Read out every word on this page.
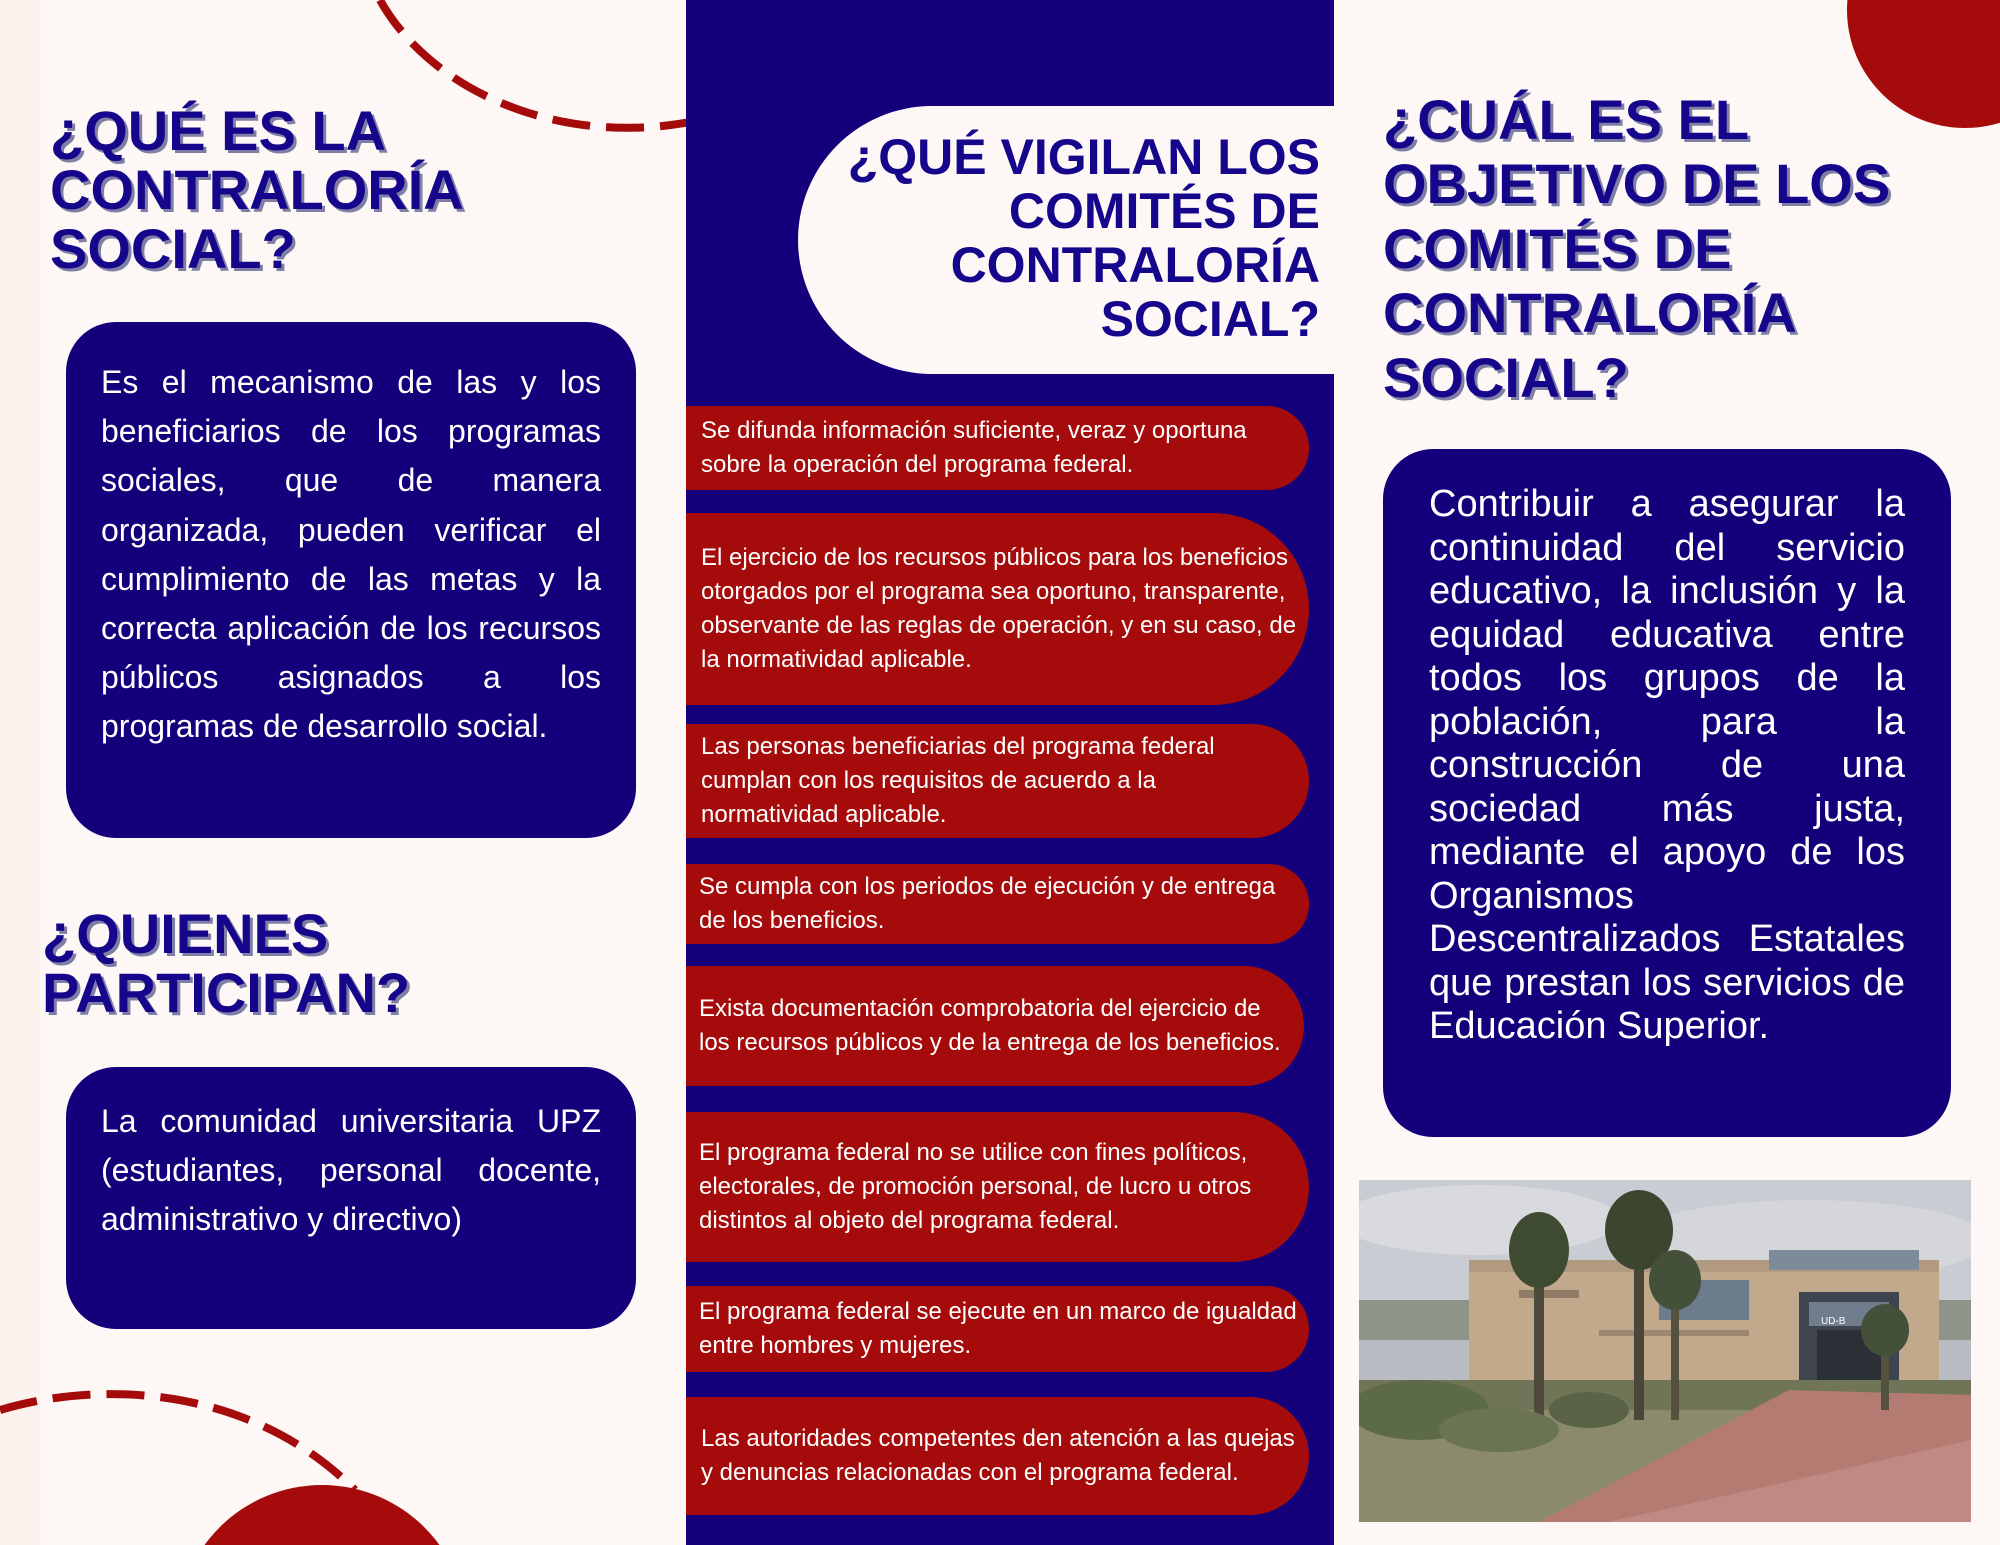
¿QUÉ ES LA CONTRALORÍA SOCIAL?
Es el mecanismo de las y los beneficiarios de los programas sociales, que de manera organizada, pueden verificar el cumplimiento de las metas y la correcta aplicación de los recursos públicos asignados a los programas de desarrollo social.
¿QUIENES PARTICIPAN?
La comunidad universitaria UPZ (estudiantes, personal docente, administrativo y directivo)
¿QUÉ VIGILAN LOS COMITÉS DE CONTRALORÍA SOCIAL?
Se difunda información suficiente, veraz y oportuna sobre la operación del programa federal.
El ejercicio de los recursos públicos para los beneficios otorgados por el programa sea oportuno, transparente, observante de las reglas de operación, y en su caso, de la normatividad aplicable.
Las personas beneficiarias del programa federal cumplan con los requisitos de acuerdo a la normatividad aplicable.
Se cumpla con los periodos de ejecución y de entrega de los beneficios.
Exista documentación comprobatoria del ejercicio de los recursos públicos y de la entrega de los beneficios.
El programa federal no se utilice con fines políticos, electorales, de promoción personal, de lucro u otros distintos al objeto del programa federal.
El programa federal se ejecute en un marco de igualdad entre hombres y mujeres.
Las autoridades competentes den atención a las quejas y denuncias relacionadas con el programa federal.
¿CUÁL ES EL OBJETIVO DE LOS COMITÉS DE CONTRALORÍA SOCIAL?
Contribuir a asegurar la continuidad del servicio educativo, la inclusión y la equidad educativa entre todos los grupos de la población, para la construcción de una sociedad más justa, mediante el apoyo de los Organismos Descentralizados Estatales que prestan los servicios de Educación Superior.
UD-B
